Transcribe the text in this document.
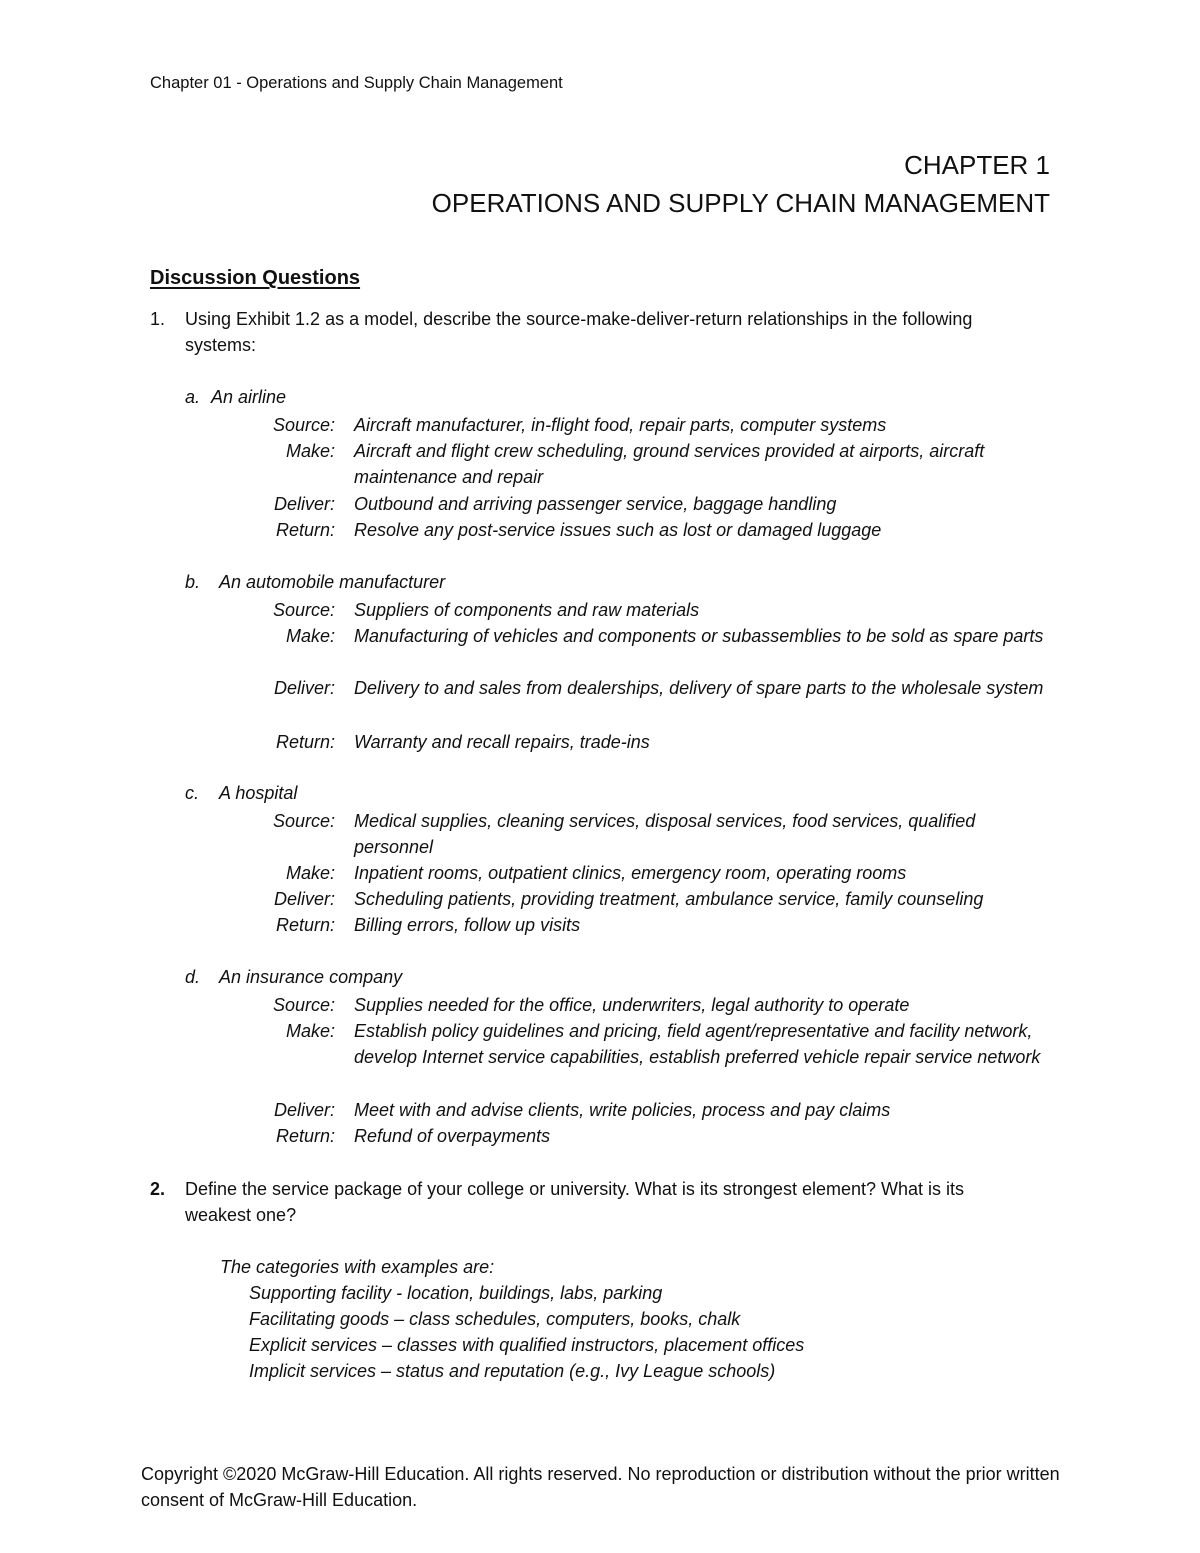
Chapter 01 - Operations and Supply Chain Management
CHAPTER 1
OPERATIONS AND SUPPLY CHAIN MANAGEMENT
Discussion Questions
1. Using Exhibit 1.2 as a model, describe the source-make-deliver-return relationships in the following systems:
a. An airline
Source: Aircraft manufacturer, in-flight food, repair parts, computer systems
Make: Aircraft and flight crew scheduling, ground services provided at airports, aircraft maintenance and repair
Deliver: Outbound and arriving passenger service, baggage handling
Return: Resolve any post-service issues such as lost or damaged luggage
b. An automobile manufacturer
Source: Suppliers of components and raw materials
Make: Manufacturing of vehicles and components or subassemblies to be sold as spare parts
Deliver: Delivery to and sales from dealerships, delivery of spare parts to the wholesale system
Return: Warranty and recall repairs, trade-ins
c. A hospital
Source: Medical supplies, cleaning services, disposal services, food services, qualified personnel
Make: Inpatient rooms, outpatient clinics, emergency room, operating rooms
Deliver: Scheduling patients, providing treatment, ambulance service, family counseling
Return: Billing errors, follow up visits
d. An insurance company
Source: Supplies needed for the office, underwriters, legal authority to operate
Make: Establish policy guidelines and pricing, field agent/representative and facility network, develop Internet service capabilities, establish preferred vehicle repair service network
Deliver: Meet with and advise clients, write policies, process and pay claims
Return: Refund of overpayments
2. Define the service package of your college or university. What is its strongest element? What is its weakest one?
The categories with examples are:
Supporting facility - location, buildings, labs, parking
Facilitating goods – class schedules, computers, books, chalk
Explicit services – classes with qualified instructors, placement offices
Implicit services – status and reputation (e.g., Ivy League schools)
Copyright ©2020 McGraw-Hill Education. All rights reserved. No reproduction or distribution without the prior written consent of McGraw-Hill Education.
